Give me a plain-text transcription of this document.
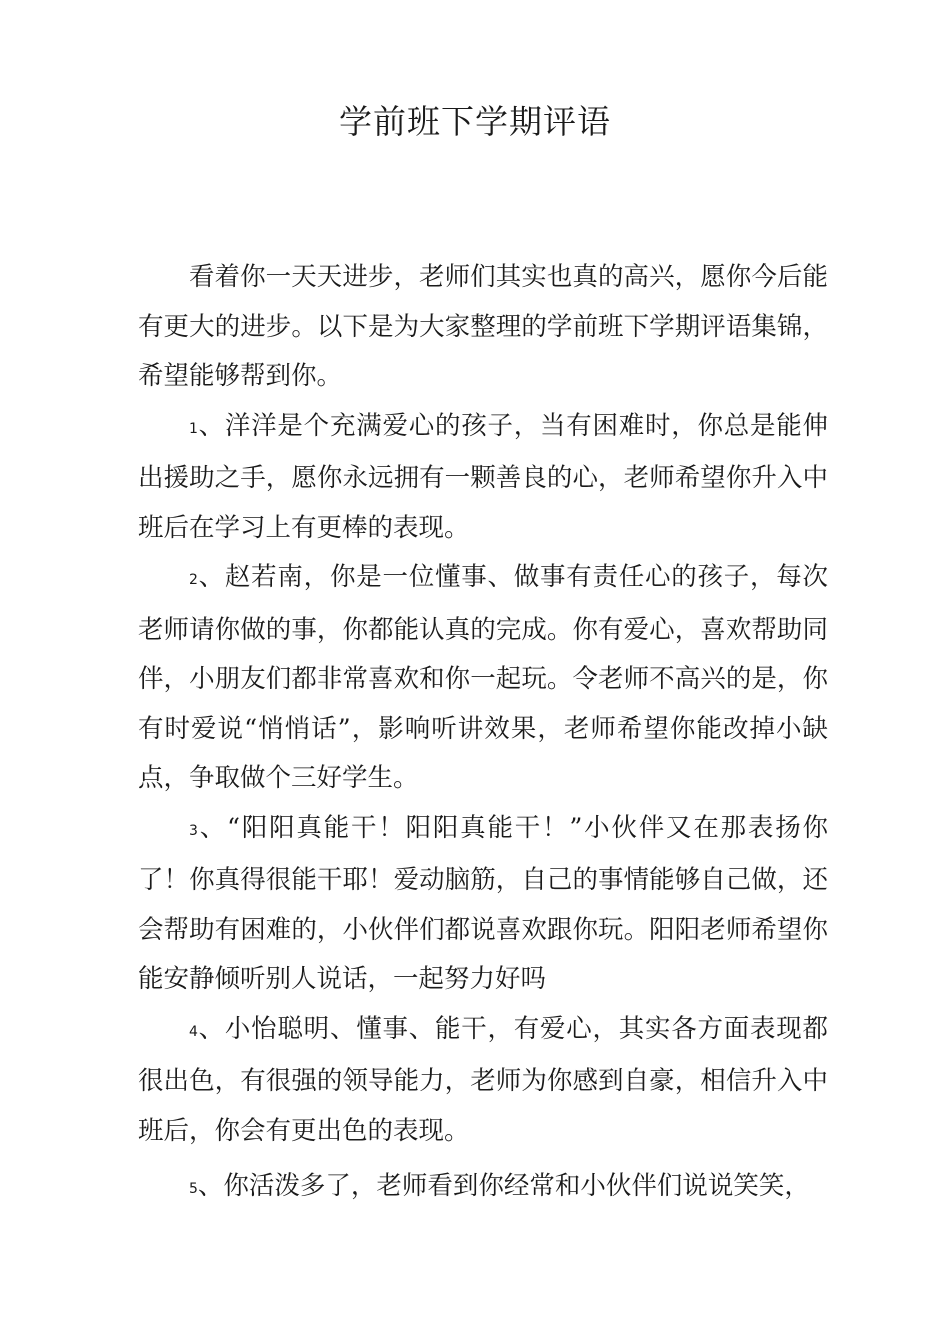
学前班下学期评语

看着你一天天进步，老师们其实也真的高兴，愿你今后能有更大的进步。以下是为大家整理的学前班下学期评语集锦，希望能够帮到你。

1、洋洋是个充满爱心的孩子，当有困难时，你总是能伸出援助之手，愿你永远拥有一颗善良的心，老师希望你升入中班后在学习上有更棒的表现。

2、赵若南，你是一位懂事、做事有责任心的孩子，每次老师请你做的事，你都能认真的完成。你有爱心，喜欢帮助同伴，小朋友们都非常喜欢和你一起玩。令老师不高兴的是，你有时爱说“悄悄话”，影响听讲效果，老师希望你能改掉小缺点，争取做个三好学生。

3、“阳阳真能干！阳阳真能干！”小伙伴又在那表扬你了！你真得很能干耶！爱动脑筋，自己的事情能够自己做，还会帮助有困难的，小伙伴们都说喜欢跟你玩。阳阳老师希望你能安静倾听别人说话，一起努力好吗

4、小怡聪明、懂事、能干，有爱心，其实各方面表现都很出色，有很强的领导能力，老师为你感到自豪，相信升入中班后，你会有更出色的表现。

5、你活泼多了，老师看到你经常和小伙伴们说说笑笑，
